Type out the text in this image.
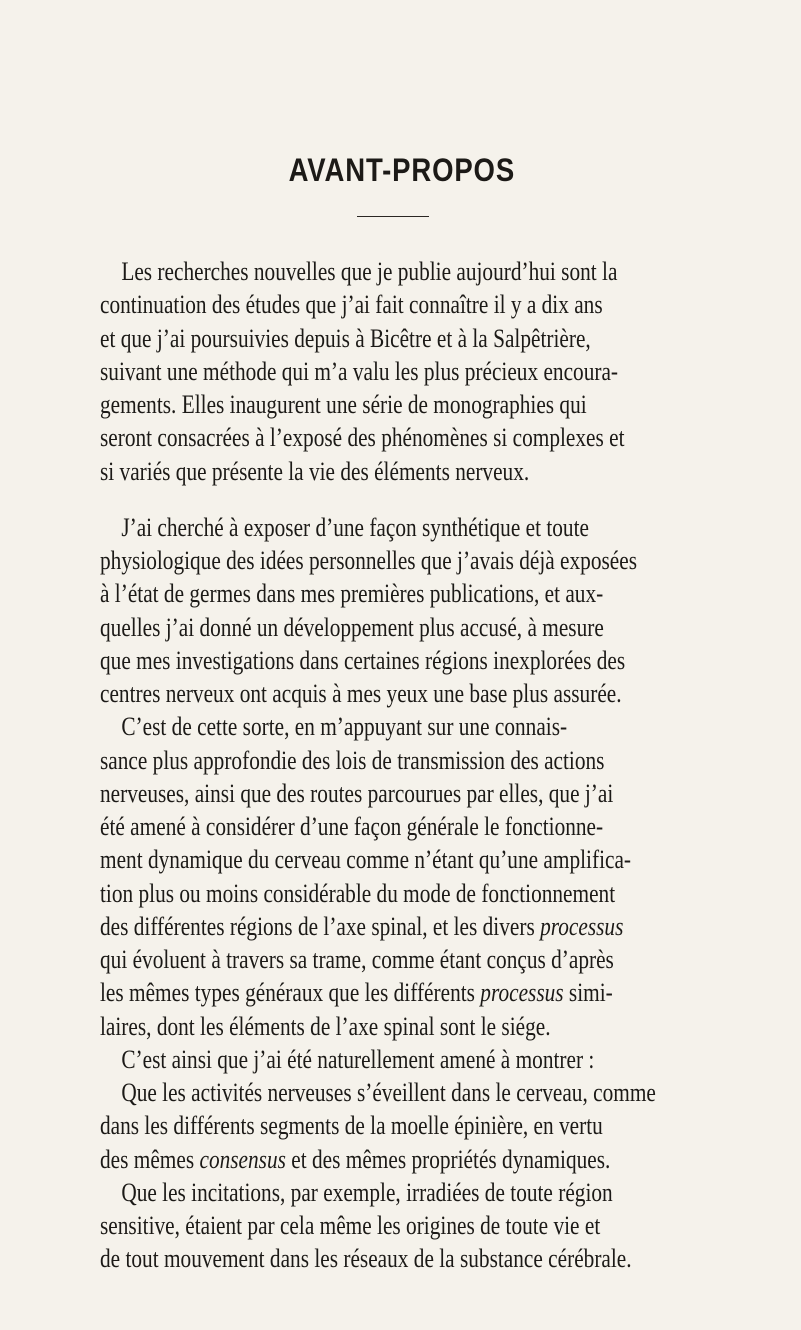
AVANT-PROPOS
Les recherches nouvelles que je publie aujourd’hui sont la
continuation des études que j’ai fait connaître il y a dix ans
et que j’ai poursuivies depuis à Bicêtre et à la Salpêtrière,
suivant une méthode qui m’a valu les plus précieux encoura-
gements. Elles inaugurent une série de monographies qui
seront consacrées à l’exposé des phénomènes si complexes et
si variés que présente la vie des éléments nerveux.
J’ai cherché à exposer d’une façon synthétique et toute
physiologique des idées personnelles que j’avais déjà exposées
à l’état de germes dans mes premières publications, et aux-
quelles j’ai donné un développement plus accusé, à mesure
que mes investigations dans certaines régions inexplorées des
centres nerveux ont acquis à mes yeux une base plus assurée.
C’est de cette sorte, en m’appuyant sur une connais-
sance plus approfondie des lois de transmission des actions
nerveuses, ainsi que des routes parcourues par elles, que j’ai
été amené à considérer d’une façon générale le fonctionne-
ment dynamique du cerveau comme n’étant qu’une amplifica-
tion plus ou moins considérable du mode de fonctionnement
des différentes régions de l’axe spinal, et les divers processus
qui évoluent à travers sa trame, comme étant conçus d’après
les mêmes types généraux que les différents processus simi-
laires, dont les éléments de l’axe spinal sont le siége.
C’est ainsi que j’ai été naturellement amené à montrer :
Que les activités nerveuses s’éveillent dans le cerveau, comme
dans les différents segments de la moelle épinière, en vertu
des mêmes consensus et des mêmes propriétés dynamiques.
Que les incitations, par exemple, irradiées de toute région
sensitive, étaient par cela même les origines de toute vie et
de tout mouvement dans les réseaux de la substance cérébrale.
